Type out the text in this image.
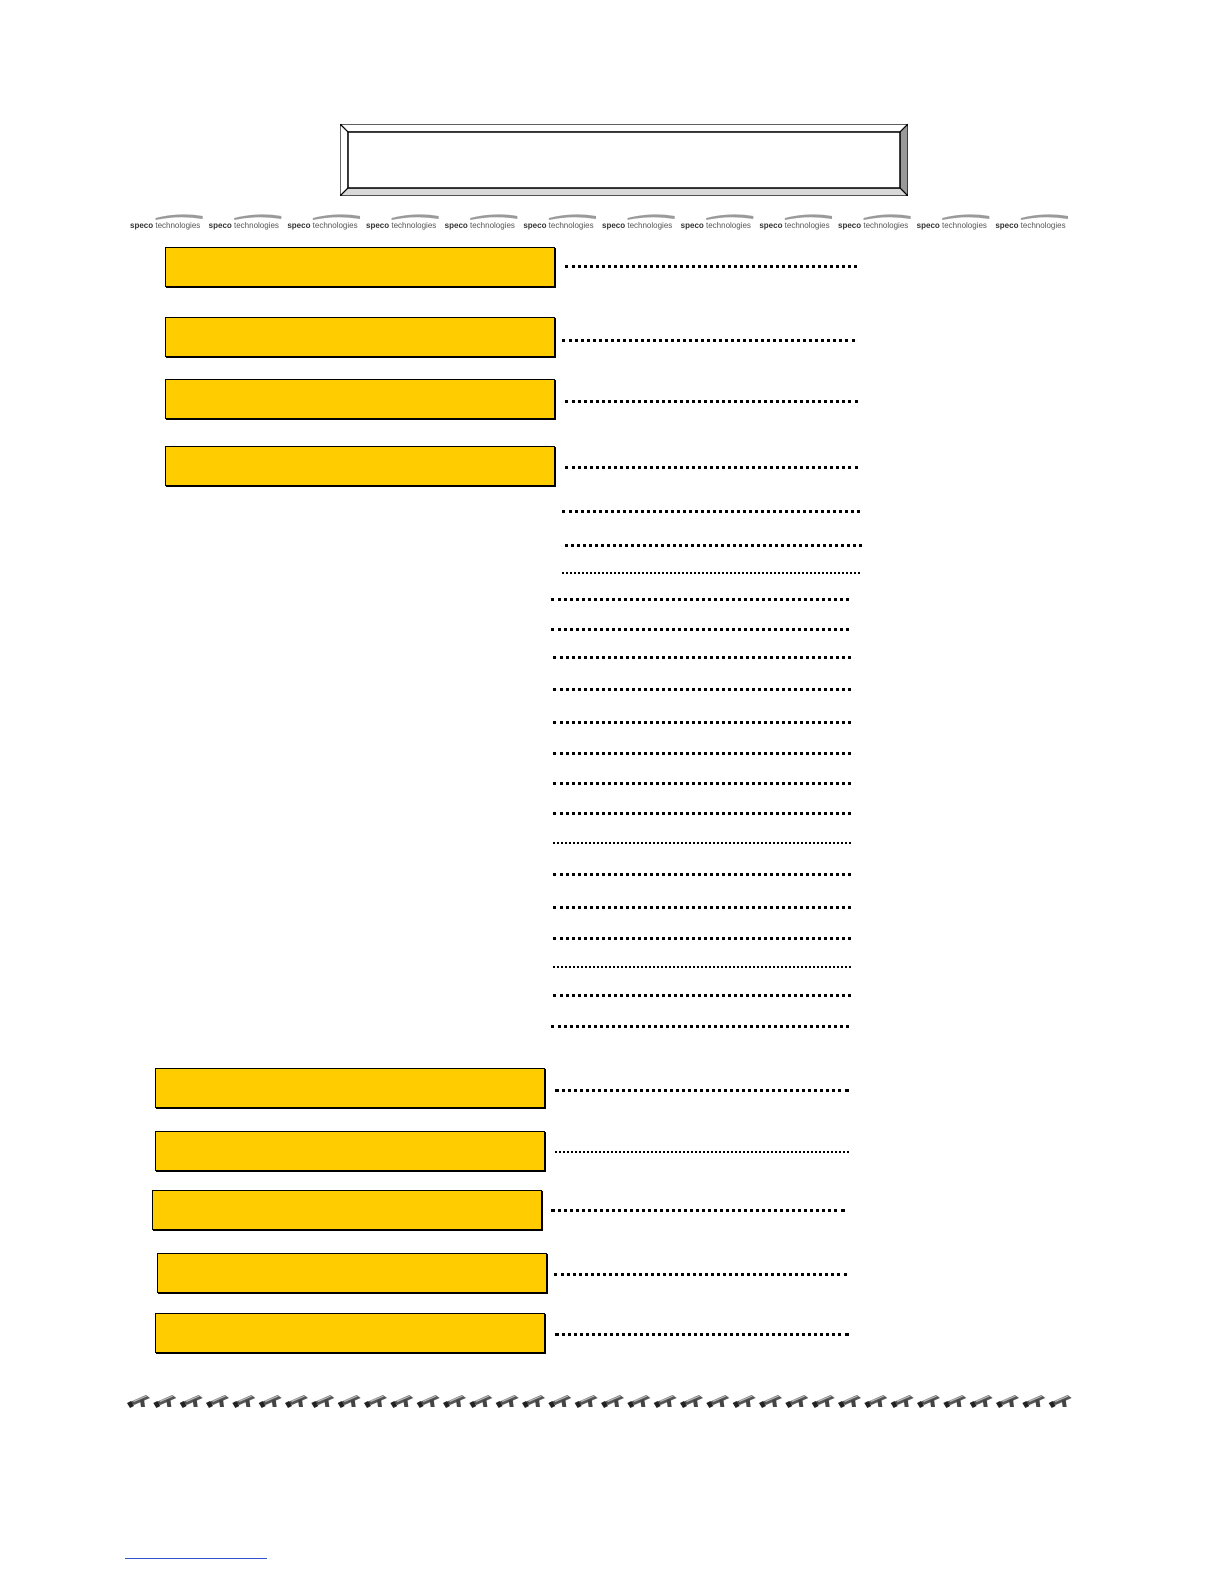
speco technologies speco technologies speco technologies speco technologies speco technologies speco technologies speco technologies speco technologies speco technologies speco technologies speco technologies speco technologies
